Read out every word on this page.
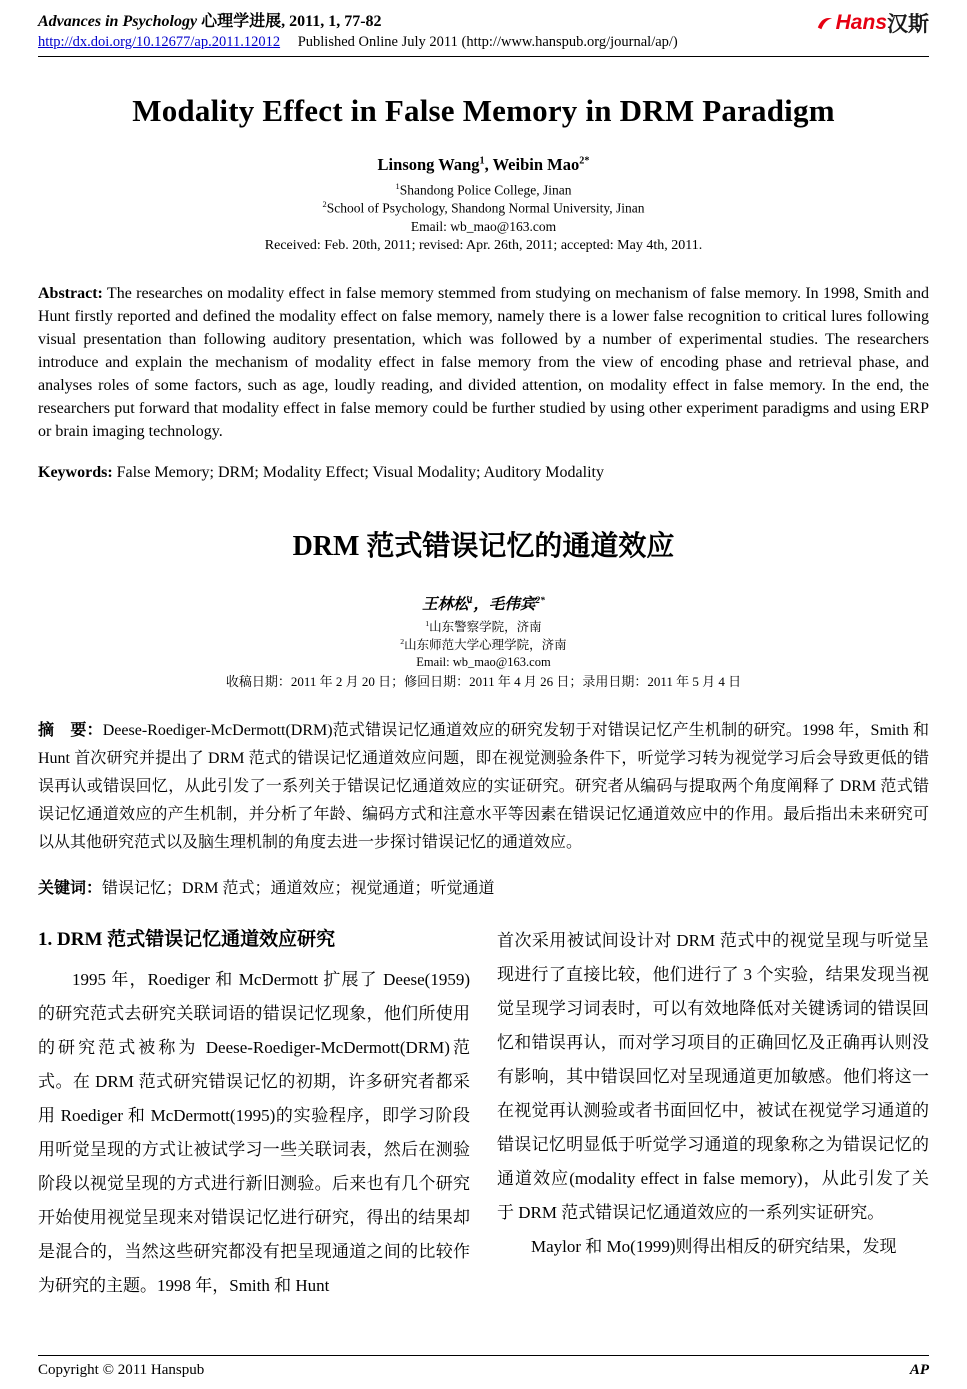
Advances in Psychology 心理学进展, 2011, 1, 77-82
http://dx.doi.org/10.12677/ap.2011.12012 Published Online July 2011 (http://www.hanspub.org/journal/ap/)
Hans 汉斯
Modality Effect in False Memory in DRM Paradigm
Linsong Wang$^1$, Weibin Mao$^{2*}$
$^1$Shandong Police College, Jinan
$^2$School of Psychology, Shandong Normal University, Jinan
Email: wb_mao@163.com
Received: Feb. 20th, 2011; revised: Apr. 26th, 2011; accepted: May 4th, 2011.

Abstract: The researches on modality effect in false memory stemmed from studying on mechanism of false memory. In 1998, Smith and Hunt firstly reported and defined the modality effect on false memory, namely there is a lower false recognition to critical lures following visual presentation than following auditory presentation, which was followed by a number of experimental studies. The researchers introduce and explain the mechanism of modality effect in false memory from the view of encoding phase and retrieval phase, and analyses roles of some factors, such as age, loudly reading, and divided attention, on modality effect in false memory. In the end, the researchers put forward that modality effect in false memory could be further studied by using other experiment paradigms and using ERP or brain imaging technology.

Keywords: False Memory; DRM; Modality Effect; Visual Modality; Auditory Modality

DRM 范式错误记忆的通道效应
王林松$^1$，毛伟宾$^{2*}$
$^1$山东警察学院，济南
$^2$山东师范大学心理学院，济南
Email: wb_mao@163.com
收稿日期：2011 年 2 月 20 日；修回日期：2011 年 4 月 26 日；录用日期：2011 年 5 月 4 日

摘　要：Deese-Roediger-McDermott(DRM)范式错误记忆通道效应的研究发轫于对错误记忆产生机制的研究。1998 年，Smith 和 Hunt 首次研究并提出了 DRM 范式的错误记忆通道效应问题，即在视觉测验条件下，听觉学习转为视觉学习后会导致更低的错误再认或错误回忆，从此引发了一系列关于错误记忆通道效应的实证研究。研究者从编码与提取两个角度阐释了 DRM 范式错误记忆通道效应的产生机制，并分析了年龄、编码方式和注意水平等因素在错误记忆通道效应中的作用。最后指出未来研究可以从其他研究范式以及脑生理机制的角度去进一步探讨错误记忆的通道效应。

关键词：错误记忆；DRM 范式；通道效应；视觉通道；听觉通道

1. DRM 范式错误记忆通道效应研究

1995 年，Roediger 和 McDermott 扩展了 Deese(1959)的研究范式去研究关联词语的错误记忆现象，他们所使用的研究范式被称为 Deese-Roediger-McDermott(DRM)范式。在 DRM 范式研究错误记忆的初期，许多研究者都采用 Roediger 和 McDermott(1995)的实验程序，即学习阶段用听觉呈现的方式让被试学习一些关联词表，然后在测验阶段以视觉呈现的方式进行新旧测验。后来也有几个研究开始使用视觉呈现来对错误记忆进行研究，得出的结果却是混合的，当然这些研究都没有把呈现通道之间的比较作为研究的主题。1998 年，Smith 和 Hunt

首次采用被试间设计对 DRM 范式中的视觉呈现与听觉呈现进行了直接比较，他们进行了 3 个实验，结果发现当视觉呈现学习词表时，可以有效地降低对关键诱词的错误回忆和错误再认，而对学习项目的正确回忆及正确再认则没有影响，其中错误回忆对呈现通道更加敏感。他们将这一在视觉再认测验或者书面回忆中，被试在视觉学习通道的错误记忆明显低于听觉学习通道的现象称之为错误记忆的通道效应(modality effect in false memory)，从此引发了关于 DRM 范式错误记忆通道效应的一系列实证研究。

Maylor 和 Mo(1999)则得出相反的研究结果，发现

Copyright © 2011 Hanspub	AP
